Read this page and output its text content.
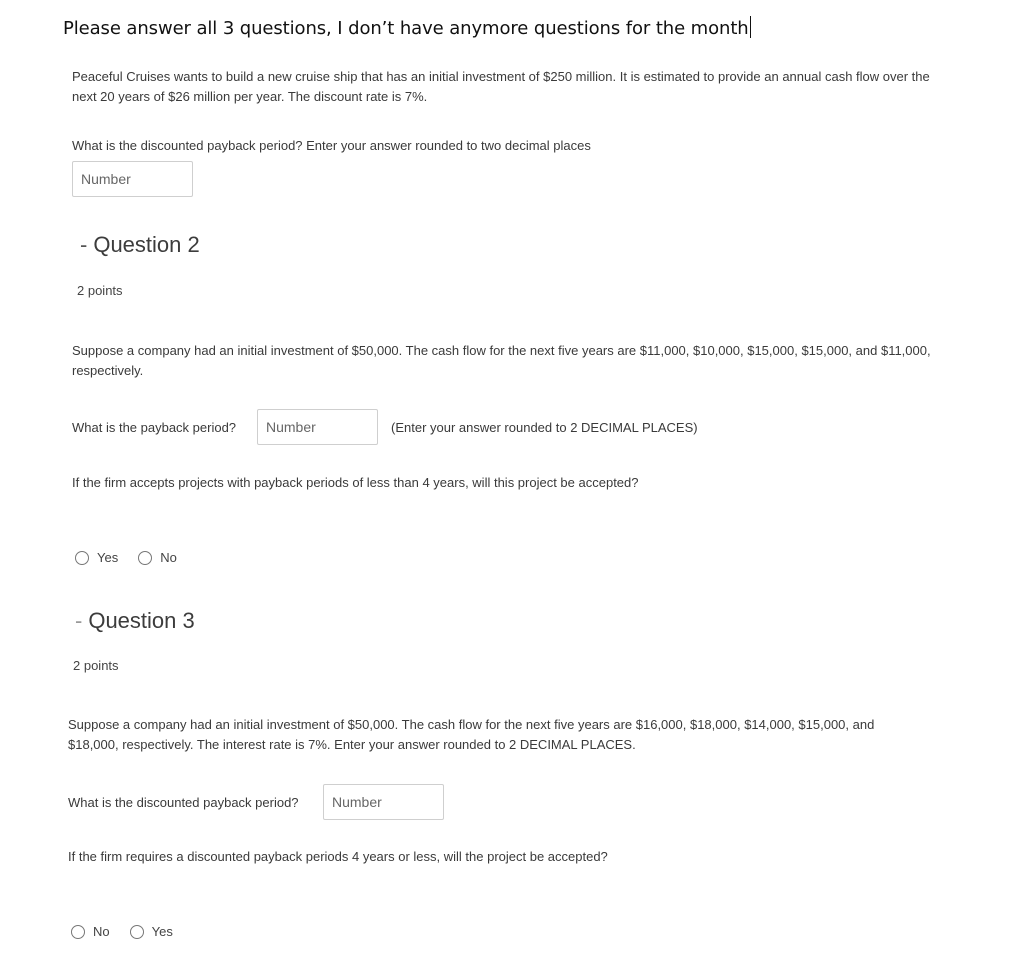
Please answer all 3 questions, I don’t have anymore questions for the month
Peaceful Cruises wants to build a new cruise ship that has an initial investment of $250 million. It is estimated to provide an annual cash flow over the next 20 years of $26 million per year. The discount rate is 7%.
What is the discounted payback period? Enter your answer rounded to two decimal places
Number
- Question 2
2 points
Suppose a company had an initial investment of $50,000. The cash flow for the next five years are $11,000, $10,000, $15,000, $15,000, and $11,000, respectively.
What is the payback period?
Number	(Enter your answer rounded to 2 DECIMAL PLACES)
If the firm accepts projects with payback periods of less than 4 years, will this project be accepted?
Yes	No
- Question 3
2 points
Suppose a company had an initial investment of $50,000. The cash flow for the next five years are $16,000, $18,000, $14,000, $15,000, and $18,000, respectively. The interest rate is 7%. Enter your answer rounded to 2 DECIMAL PLACES.
What is the discounted payback period?
Number
If the firm requires a discounted payback periods 4 years or less, will the project be accepted?
No	Yes
